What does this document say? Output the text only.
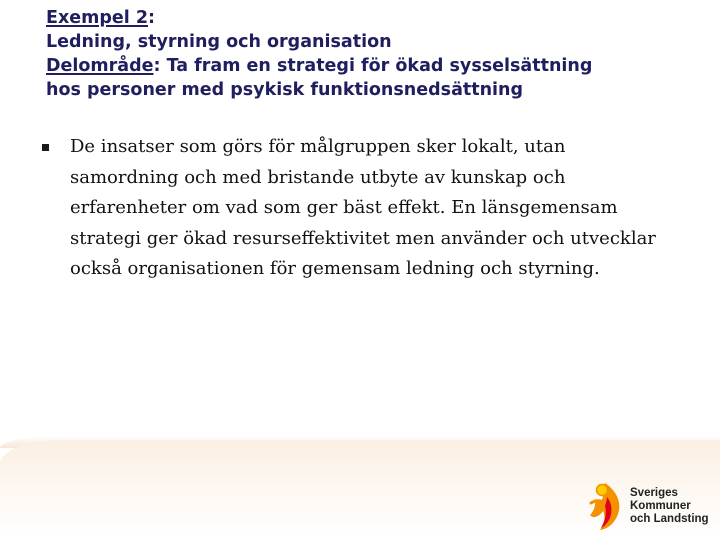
Exempel 2:
Ledning, styrning och organisation
Delområde: Ta fram en strategi för ökad sysselsättning
hos personer med psykisk funktionsnedsättning
De insatser som görs för målgruppen sker lokalt, utan
samordning och med bristande utbyte av kunskap och
erfarenheter om vad som ger bäst effekt. En länsgemensam
strategi ger ökad resurseffektivitet men använder och utvecklar
också organisationen för gemensam ledning och styrning.
Sveriges
Kommuner
och Landsting
